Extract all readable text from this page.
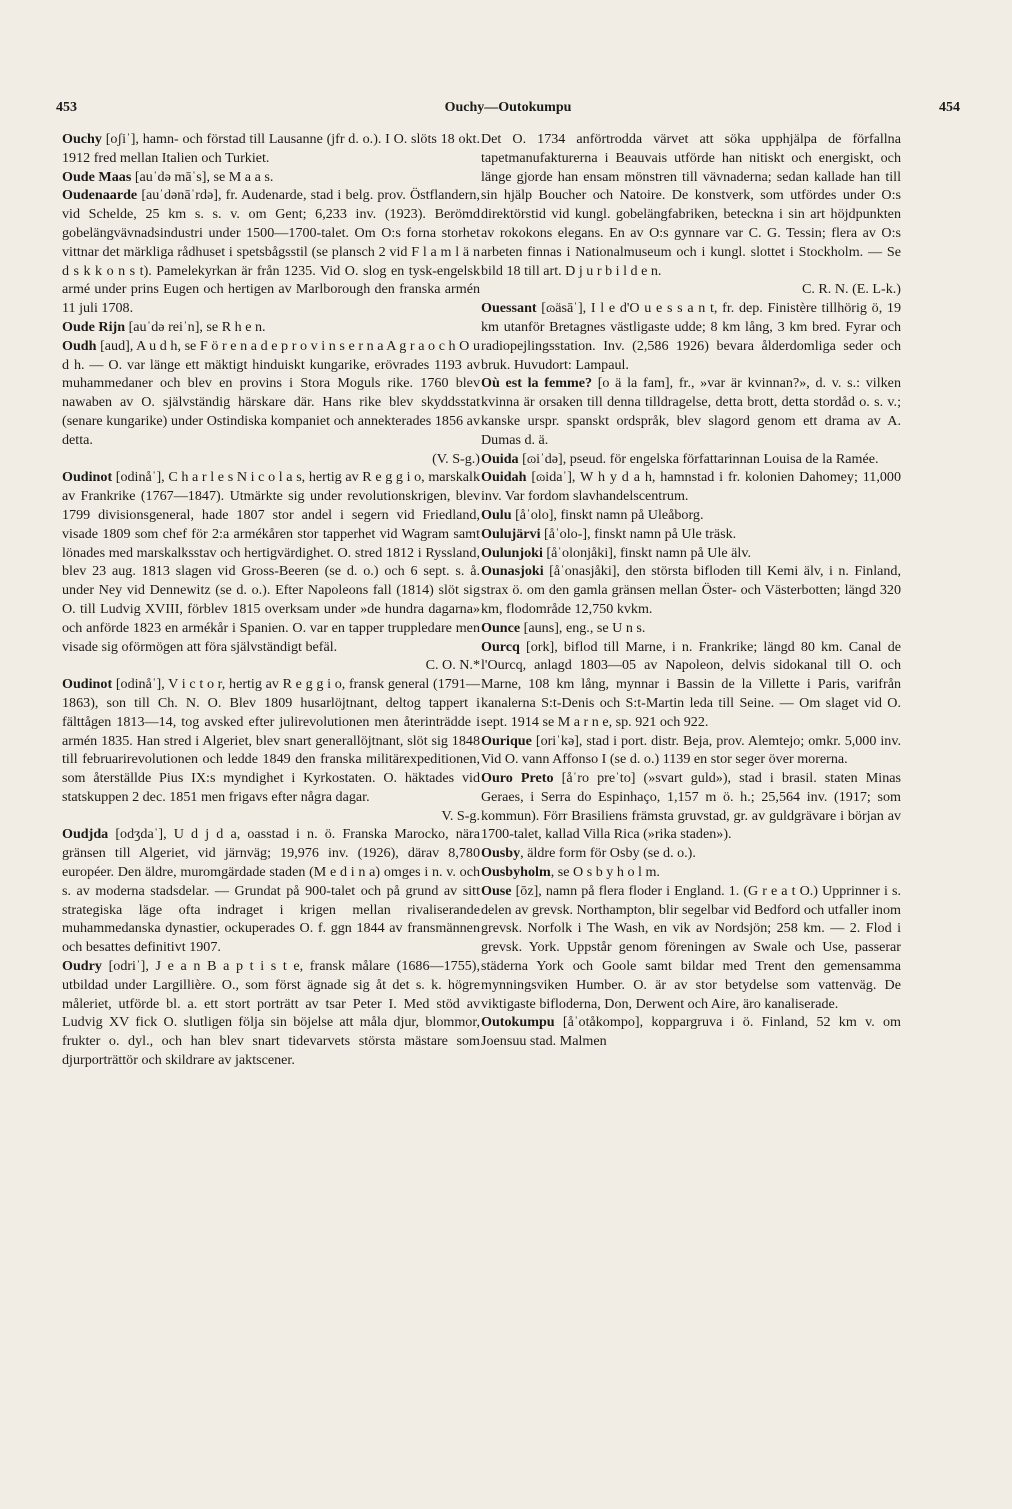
453	Ouchy—Outokumpu	454

Ouchy [oʃiˈ], hamn- och förstad till Lausanne (jfr d. o.). I O. slöts 18 okt. 1912 fred mellan Italien och Turkiet.

Oude Maas [auˈdə māˈs], se M a a s.

Oudenaarde [auˈdənāˈrdə], fr. Audenarde, stad i belg. prov. Östflandern, vid Schelde, 25 km s. s. v. om Gent; 6,233 inv. (1923). Berömd gobelängvävnadsindustri under 1500—1700-talet. Om O:s forna storhet vittnar det märkliga rådhuset i spetsbågsstil (se plansch 2 vid F l a m l ä n d s k k o n s t). Pamelekyrkan är från 1235. Vid O. slog en tysk-engelsk armé under prins Eugen och hertigen av Marlborough den franska armén 11 juli 1708.

Oude Rijn [auˈdə reiˈn], se R h e n.

Oudh [aud], A u d h, se F ö r e n a d e p r o v i n s e r n a A g r a o c h O u d h. — O. var länge ett mäktigt hinduiskt kungarike, erövrades 1193 av muhammedaner och blev en provins i Stora Moguls rike. 1760 blev nawaben av O. självständig härskare där. Hans rike blev skyddsstat (senare kungarike) under Ostindiska kompaniet och annekterades 1856 av detta.

(V. S-g.)

Oudinot [odinåˈ], C h a r l e s N i c o l a s, hertig av R e g g i o, marskalk av Frankrike (1767—1847). Utmärkte sig under revolutionskrigen, blev 1799 divisionsgeneral, hade 1807 stor andel i segern vid Friedland, visade 1809 som chef för 2:a armékåren stor tapperhet vid Wagram samt lönades med marskalksstav och hertigvärdighet. O. stred 1812 i Ryssland, blev 23 aug. 1813 slagen vid Gross-Beeren (se d. o.) och 6 sept. s. å. under Ney vid Dennewitz (se d. o.). Efter Napoleons fall (1814) slöt sig O. till Ludvig XVIII, förblev 1815 overksam under »de hundra dagarna» och anförde 1823 en armékår i Spanien. O. var en tapper truppledare men visade sig oförmögen att föra självständigt befäl.

C. O. N.*

Oudinot [odinåˈ], V i c t o r, hertig av R e g g i o, fransk general (1791—1863), son till Ch. N. O. Blev 1809 husarlöjtnant, deltog tappert i fälttågen 1813—14, tog avsked efter julirevolutionen men återinträdde i armén 1835. Han stred i Algeriet, blev snart generallöjtnant, slöt sig 1848 till februarirevolutionen och ledde 1849 den franska militärexpeditionen, som återställde Pius IX:s myndighet i Kyrkostaten. O. häktades vid statskuppen 2 dec. 1851 men frigavs efter några dagar.

V. S-g.

Oudjda [odʒdaˈ], U d j d a, oasstad i n. ö. Franska Marocko, nära gränsen till Algeriet, vid järnväg; 19,976 inv. (1926), därav 8,780 européer. Den äldre, muromgärdade staden (M e d i n a) omges i n. v. och s. av moderna stadsdelar. — Grundat på 900-talet och på grund av sitt strategiska läge ofta indraget i krigen mellan rivaliserande muhammedanska dynastier, ockuperades O. f. ggn 1844 av fransmännen och besattes definitivt 1907.

Oudry [odriˈ], J e a n B a p t i s t e, fransk målare (1686—1755), utbildad under Largillière. O., som först ägnade sig åt det s. k. högre måleriet, utförde bl. a. ett stort porträtt av tsar Peter I. Med stöd av Ludvig XV fick O. slutligen följa sin böjelse att måla djur, blommor, frukter o. dyl., och han blev snart tidevarvets största mästare som djurporträttör och skildrare av jaktscener.

Det O. 1734 anförtrodda värvet att söka upphjälpa de förfallna tapetmanufakturerna i Beauvais utförde han nitiskt och energiskt, och länge gjorde han ensam mönstren till vävnaderna; sedan kallade han till sin hjälp Boucher och Natoire. De konstverk, som utfördes under O:s direktörstid vid kungl. gobelängfabriken, betecknа i sin art höjdpunkten av rokokons elegans. En av O:s gynnare var C. G. Tessin; flera av O:s arbeten finnas i Nationalmuseum och i kungl. slottet i Stockholm. — Se bild 18 till art. D j u r b i l d e n.

C. R. N. (E. L-k.)

Ouessant [ɷäsāˈ], I l e d'O u e s s a n t, fr. dep. Finistère tillhörig ö, 19 km utanför Bretagnes västligaste udde; 8 km lång, 3 km bred. Fyrar och radiopejlingsstation. Inv. (2,586 1926) bevara ålderdomliga seder och bruk. Huvudort: Lampaul.

Où est la femme? [o ä la fam], fr., »var är kvinnan?», d. v. s.: vilken kvinna är orsaken till denna tilldragelse, detta brott, detta stordåd o. s. v.; kanske urspr. spanskt ordspråk, blev slagord genom ett drama av A. Dumas d. ä.

Ouida [ɷiˈdə], pseud. för engelska författarinnan Louisa de la Ramée.

Ouidah [ɷidaˈ], W h y d a h, hamnstad i fr. kolonien Dahomey; 11,000 inv. Var fordom slavhandelscentrum.

Oulu [åˈolo], finskt namn på Uleåborg.

Oulujärvi [åˈolo-], finskt namn på Ule träsk.

Oulunjoki [åˈolonjåki], finskt namn på Ule älv.

Ounasjoki [åˈonasjåki], den största bifloden till Kemi älv, i n. Finland, strax ö. om den gamla gränsen mellan Öster- och Västerbotten; längd 320 km, flodområde 12,750 kvkm.

Ounce [auns], eng., se U n s.

Ourcq [ork], biflod till Marne, i n. Frankrike; längd 80 km. Canal de l'Ourcq, anlagd 1803—05 av Napoleon, delvis sidokanal till O. och Marne, 108 km lång, mynnar i Bassin de la Villette i Paris, varifrån kanalerna S:t-Denis och S:t-Martin leda till Seine. — Om slaget vid O. sept. 1914 se M a r n e, sp. 921 och 922.

Ourique [oriˈkə], stad i port. distr. Beja, prov. Alemtejo; omkr. 5,000 inv. Vid O. vann Affonso I (se d. o.) 1139 en stor seger över morerna.

Ouro Preto [åˈro preˈto] (»svart guld»), stad i brasil. staten Minas Geraes, i Serra do Espinhaço, 1,157 m ö. h.; 25,564 inv. (1917; som kommun). Förr Brasiliens främsta gruvstad, gr. av guldgrävare i början av 1700-talet, kallad Villa Rica (»rika staden»).

Ousby, äldre form för Osby (se d. o.).

Ousbyholm, se O s b y h o l m.

Ouse [ōz], namn på flera floder i England. 1. (G r e a t O.) Upprinner i s. delen av grevsk. Northampton, blir segelbar vid Bedford och utfaller inom grevsk. Norfolk i The Wash, en vik av Nordsjön; 258 km. — 2. Flod i grevsk. York. Uppstår genom föreningen av Swale och Use, passerar städerna York och Goole samt bildar med Trent den gemensamma mynningsviken Humber. O. är av stor betydelse som vattenväg. De viktigaste bifloderna, Don, Derwent och Aire, äro kanaliserade.

Outokumpu [åˈotåkompo], koppargruva i ö. Finland, 52 km v. om Joensuu stad. Malmen
